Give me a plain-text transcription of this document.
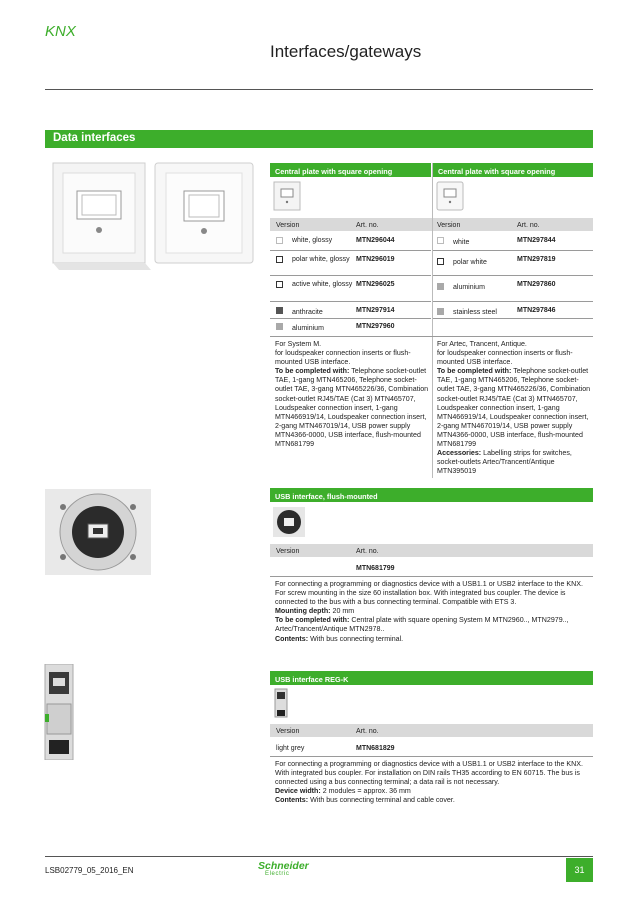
KNX
Interfaces/gateways
Data interfaces
Central plate with square opening	Central plate with square opening
Version	Art. no.	Version	Art. no.
white, glossy	MTN296044
polar white, glossy MTN296019
active white, glossy MTN296025
anthracite	MTN297914
aluminium	MTN297960
white	MTN297844
polar white	MTN297819
aluminium	MTN297860
stainless steel	MTN297846
For System M.
for loudspeaker connection inserts or flush-mounted USB interface.
To be completed with: Telephone socket-outlet TAE, 1-gang MTN465206, Telephone socket-outlet TAE, 3-gang MTN465226/36, Combination socket-outlet RJ45/TAE (Cat 3) MTN465707, Loudspeaker connection insert, 1-gang MTN466919/14, Loudspeaker connection insert, 2-gang MTN467019/14, USB power supply MTN4366-0000, USB interface, flush-mounted MTN681799
For Artec, Trancent, Antique.
for loudspeaker connection inserts or flush-mounted USB interface.
To be completed with: Telephone socket-outlet TAE, 1-gang MTN465206, Telephone socket-outlet TAE, 3-gang MTN465226/36, Combination socket-outlet RJ45/TAE (Cat 3) MTN465707, Loudspeaker connection insert, 1-gang MTN466919/14, Loudspeaker connection insert, 2-gang MTN467019/14, USB power supply MTN4366-0000, USB interface, flush-mounted MTN681799
Accessories: Labelling strips for switches, socket-outlets Artec/Trancent/Antique MTN395019
USB interface, flush-mounted
Version	Art. no.
MTN681799
For connecting a programming or diagnostics device with a USB1.1 or USB2 interface to the KNX.
For screw mounting in the size 60 installation box. With integrated bus coupler. The device is connected to the bus with a bus connecting terminal. Compatible with ETS 3.
Mounting depth: 20 mm
To be completed with: Central plate with square opening System M MTN2960.., MTN2979.., Artec/Trancent/Antique MTN2978..
Contents: With bus connecting terminal.
USB interface REG-K
Version	Art. no.
light grey	MTN681829
For connecting a programming or diagnostics device with a USB1.1 or USB2 interface to the KNX.
With integrated bus coupler. For installation on DIN rails TH35 according to EN 60715. The bus is connected using a bus connecting terminal; a data rail is not necessary.
Device width: 2 modules = approx. 36 mm
Contents: With bus connecting terminal and cable cover.
LSB02779_05_2016_EN	Schneider
Electric	31
